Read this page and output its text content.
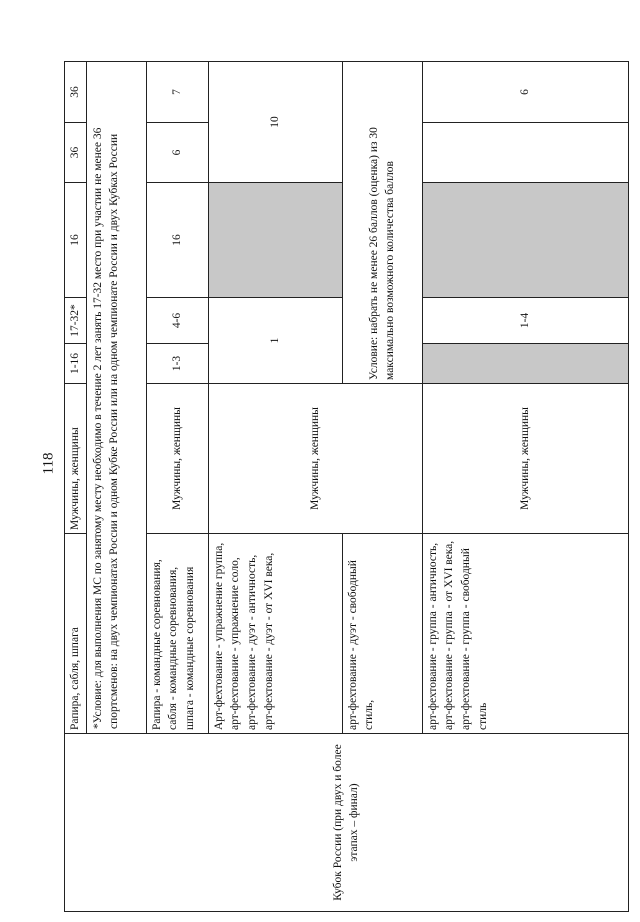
118
Кубок России (при двух и более этапах – финал)	Рапира, сабля, шпага	Мужчины, женщины	1-16	17-32*	16	36	36
	*Условие: для выполнения МС по занятому месту необходимо в течение 2 лет занять 17-32 место при участии не менее 36 спортсменов: на двух чемпионатах России и одном Кубке России или на одном чемпионате России и двух Кубках России						
	Рапира - командные соревнования, сабля - командные соревнования, шпага - командные соревнования	Мужчины, женщины	1-3	4-6	16	6	7
	Арт-фехтование - упражнение группа, арт-фехтование - упражнение соло, арт-фехтование - дуэт - античность, арт-фехтование - дуэт - от XVI века,	Мужчины, женщины	1			10	
	арт-фехтование - дуэт - свободный стиль,		Условие: набрать не менее 26 баллов (оценка) из 30 максимально возможного количества баллов				
	арт-фехтование - группа - античность, арт-фехтование - группа - от XVI века, арт-фехтование - группа - свободный стиль	Мужчины, женщины		1-4			6
